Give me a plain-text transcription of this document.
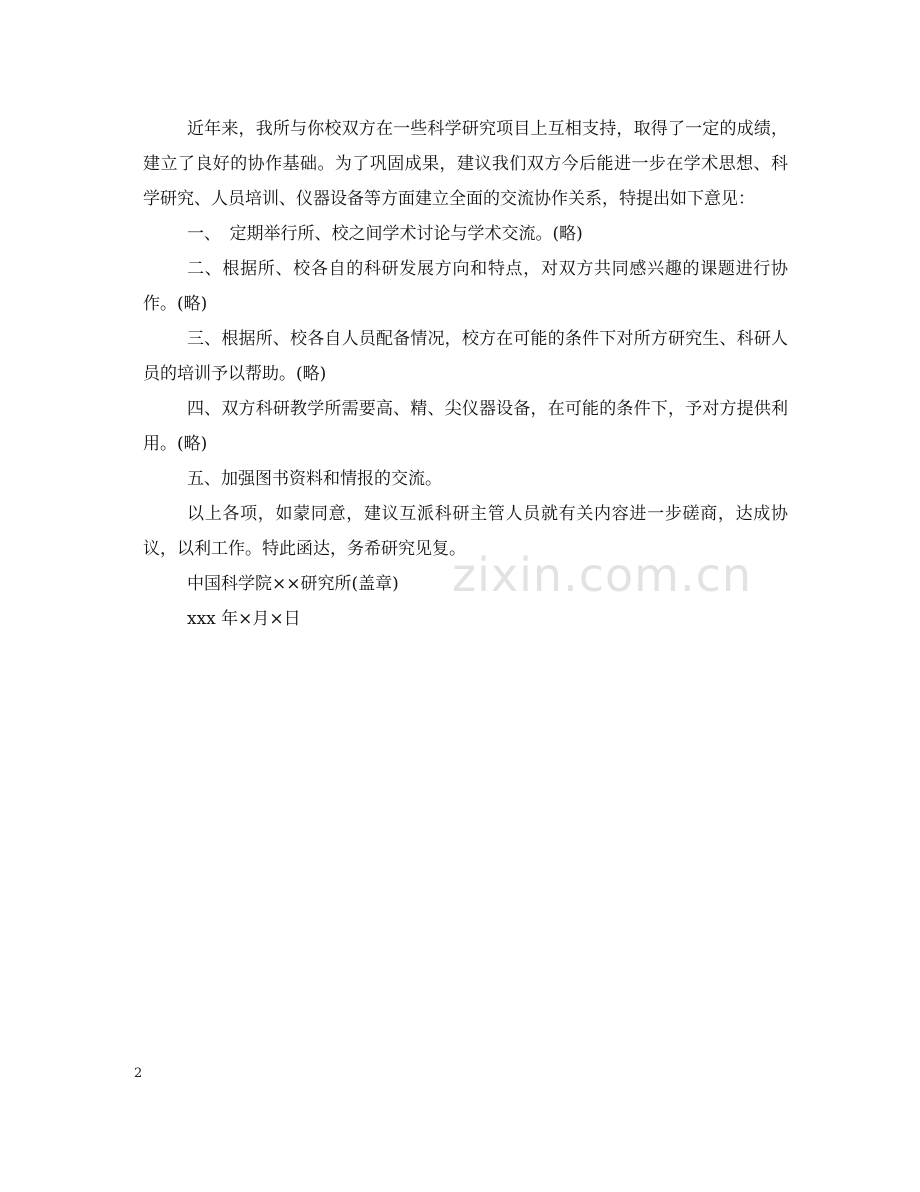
近年来，我所与你校双方在一些科学研究项目上互相支持，取得了一定的成绩，建立了良好的协作基础。为了巩固成果，建议我们双方今后能进一步在学术思想、科学研究、人员培训、仪器设备等方面建立全面的交流协作关系，特提出如下意见：

一、　定期举行所、校之间学术讨论与学术交流。(略)

二、根据所、校各自的科研发展方向和特点，对双方共同感兴趣的课题进行协作。(略)

三、根据所、校各自人员配备情况，校方在可能的条件下对所方研究生、科研人员的培训予以帮助。(略)

四、双方科研教学所需要高、精、尖仪器设备，在可能的条件下，予对方提供利用。(略)

五、加强图书资料和情报的交流。

以上各项，如蒙同意，建议互派科研主管人员就有关内容进一步磋商，达成协议，以利工作。特此函达，务希研究见复。

中国科学院××研究所(盖章)

xxx 年×月×日

zixin.com.cn
2
